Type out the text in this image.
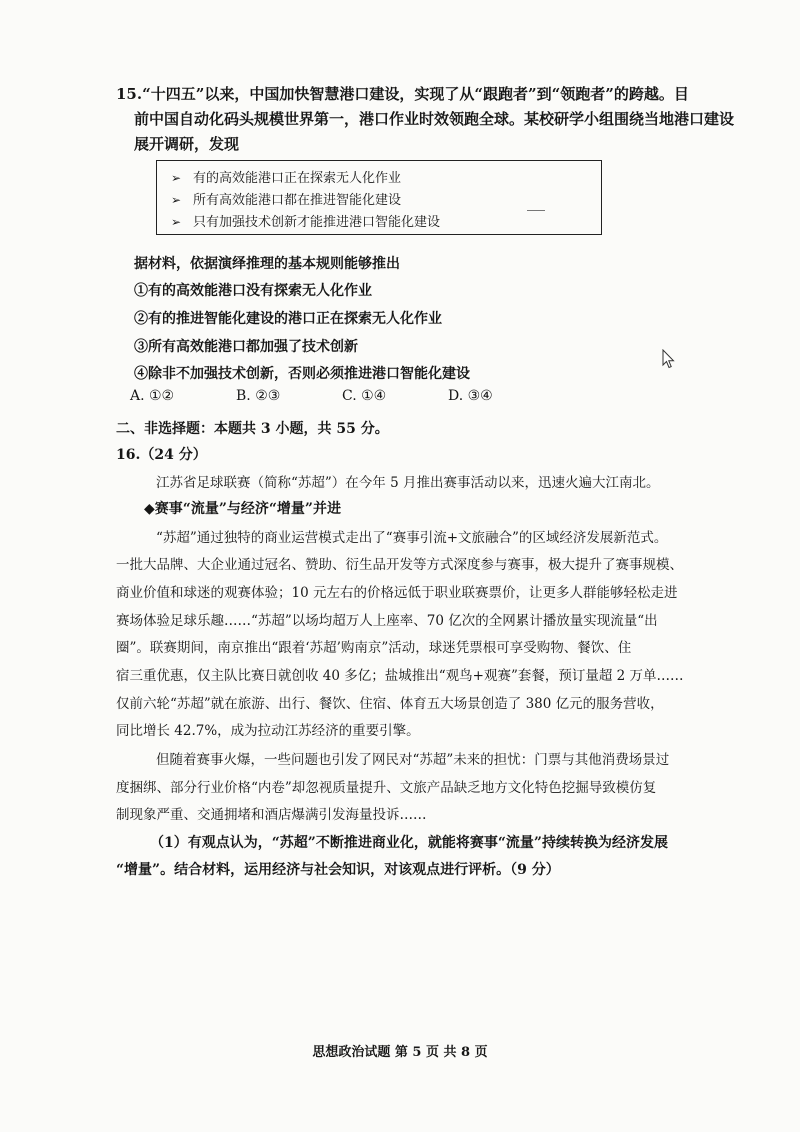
15.“十四五”以来，中国加快智慧港口建设，实现了从“跟跑者”到“领跑者”的跨越。目
前中国自动化码头规模世界第一，港口作业时效领跑全球。某校研学小组围绕当地港口建设
展开调研，发现
➢ 有的高效能港口正在探索无人化作业
➢ 所有高效能港口都在推进智能化建设
➢ 只有加强技术创新才能推进港口智能化建设
据材料，依据演绎推理的基本规则能够推出
①有的高效能港口没有探索无人化作业
②有的推进智能化建设的港口正在探索无人化作业
③所有高效能港口都加强了技术创新
④除非不加强技术创新，否则必须推进港口智能化建设
A. ①②	B. ②③	C. ①④	D. ③④
二、非选择题：本题共 3 小题，共 55 分。
16.（24 分）
江苏省足球联赛（简称“苏超”）在今年 5 月推出赛事活动以来，迅速火遍大江南北。
◆赛事“流量”与经济“增量”并进
“苏超”通过独特的商业运营模式走出了“赛事引流+文旅融合”的区域经济发展新范式。
一批大品牌、大企业通过冠名、赞助、衍生品开发等方式深度参与赛事，极大提升了赛事规模、
商业价值和球迷的观赛体验；10 元左右的价格远低于职业联赛票价，让更多人群能够轻松走进
赛场体验足球乐趣……“苏超”以场均超万人上座率、70 亿次的全网累计播放量实现流量“出
圈”。联赛期间，南京推出“跟着‘苏超’购南京”活动，球迷凭票根可享受购物、餐饮、住
宿三重优惠，仅主队比赛日就创收 40 多亿；盐城推出“观鸟+观赛”套餐，预订量超 2 万单……
仅前六轮“苏超”就在旅游、出行、餐饮、住宿、体育五大场景创造了 380 亿元的服务营收，
同比增长 42.7%，成为拉动江苏经济的重要引擎。
但随着赛事火爆，一些问题也引发了网民对“苏超”未来的担忧：门票与其他消费场景过
度捆绑、部分行业价格“内卷”却忽视质量提升、文旅产品缺乏地方文化特色挖掘导致模仿复
制现象严重、交通拥堵和酒店爆满引发海量投诉……
（1）有观点认为，“苏超”不断推进商业化，就能将赛事“流量”持续转换为经济发展
“增量”。结合材料，运用经济与社会知识，对该观点进行评析。（9 分）
思想政治试题 第 5 页 共 8 页
